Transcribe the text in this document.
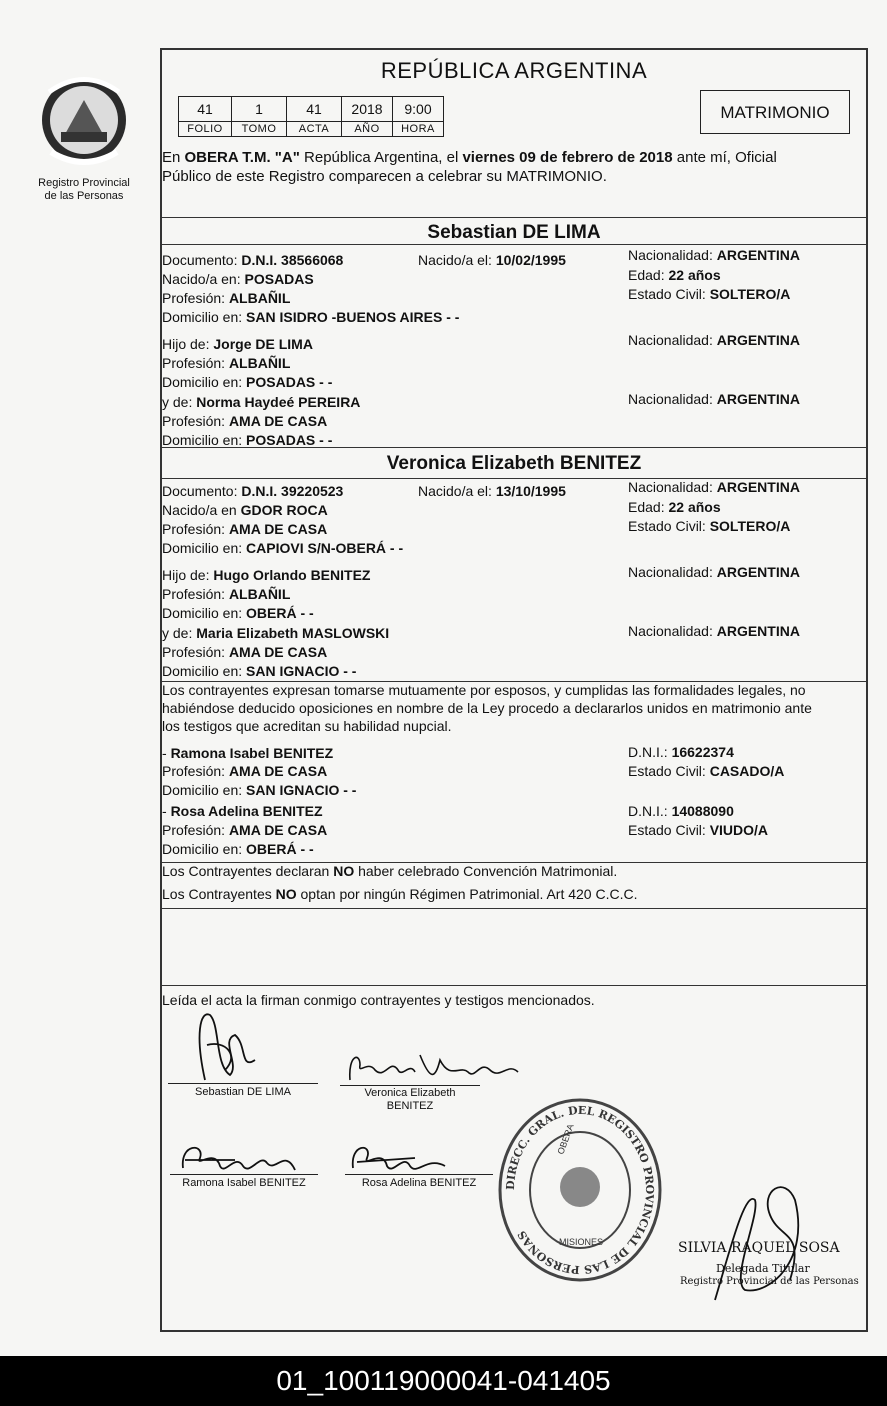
Registro Provincial
de las Personas
REPÚBLICA ARGENTINA
41	1	41	2018	9:00
FOLIO	TOMO	ACTA	AÑO	HORA
MATRIMONIO
En OBERA T.M. "A" República Argentina, el viernes 09 de febrero de 2018 ante mí, Oficial
Público de este Registro comparecen a celebrar su MATRIMONIO.
Sebastian DE LIMA
Documento: D.N.I. 38566068	Nacido/a el: 10/02/1995	Nacionalidad: ARGENTINA
Nacido/a en: POSADAS	Edad: 22 años
Profesión: ALBAÑIL	Estado Civil: SOLTERO/A
Domicilio en: SAN ISIDRO -BUENOS AIRES - -
Hijo de: Jorge DE LIMA	Nacionalidad: ARGENTINA
Profesión: ALBAÑIL
Domicilio en: POSADAS - -
y de: Norma Haydeé PEREIRA	Nacionalidad: ARGENTINA
Profesión: AMA DE CASA
Domicilio en: POSADAS - -
Veronica Elizabeth BENITEZ
Documento: D.N.I. 39220523	Nacido/a el: 13/10/1995	Nacionalidad: ARGENTINA
Nacido/a en GDOR ROCA	Edad: 22 años
Profesión: AMA DE CASA	Estado Civil: SOLTERO/A
Domicilio en: CAPIOVI S/N-OBERÁ - -
Hijo de: Hugo Orlando BENITEZ	Nacionalidad: ARGENTINA
Profesión: ALBAÑIL
Domicilio en: OBERÁ - -
y de: Maria Elizabeth MASLOWSKI	Nacionalidad: ARGENTINA
Profesión: AMA DE CASA
Domicilio en: SAN IGNACIO - -
Los contrayentes expresan tomarse mutuamente por esposos, y cumplidas las formalidades legales, no
habiéndose deducido oposiciones en nombre de la Ley procedo a declararlos unidos en matrimonio ante
los testigos que acreditan su habilidad nupcial.
- Ramona Isabel BENITEZ	D.N.I.: 16622374
Profesión: AMA DE CASA	Estado Civil: CASADO/A
Domicilio en: SAN IGNACIO - -
- Rosa Adelina BENITEZ	D.N.I.: 14088090
Profesión: AMA DE CASA	Estado Civil: VIUDO/A
Domicilio en: OBERÁ - -
Los Contrayentes declaran NO haber celebrado Convención Matrimonial.
Los Contrayentes NO optan por ningún Régimen Patrimonial. Art 420 C.C.C.
Leída el acta la firman conmigo contrayentes y testigos mencionados.
Sebastian DE LIMA	Veronica Elizabeth
BENITEZ
Ramona Isabel BENITEZ	Rosa Adelina BENITEZ	DIRECC. GRAL. DEL REGISTRO PROVINCIAL DE LAS PERSONAS
OBERA
MISIONES	SILVIA RAQUEL SOSA
Delegada Titular
Registro Provincial de las Personas
01_100119000041-041405
